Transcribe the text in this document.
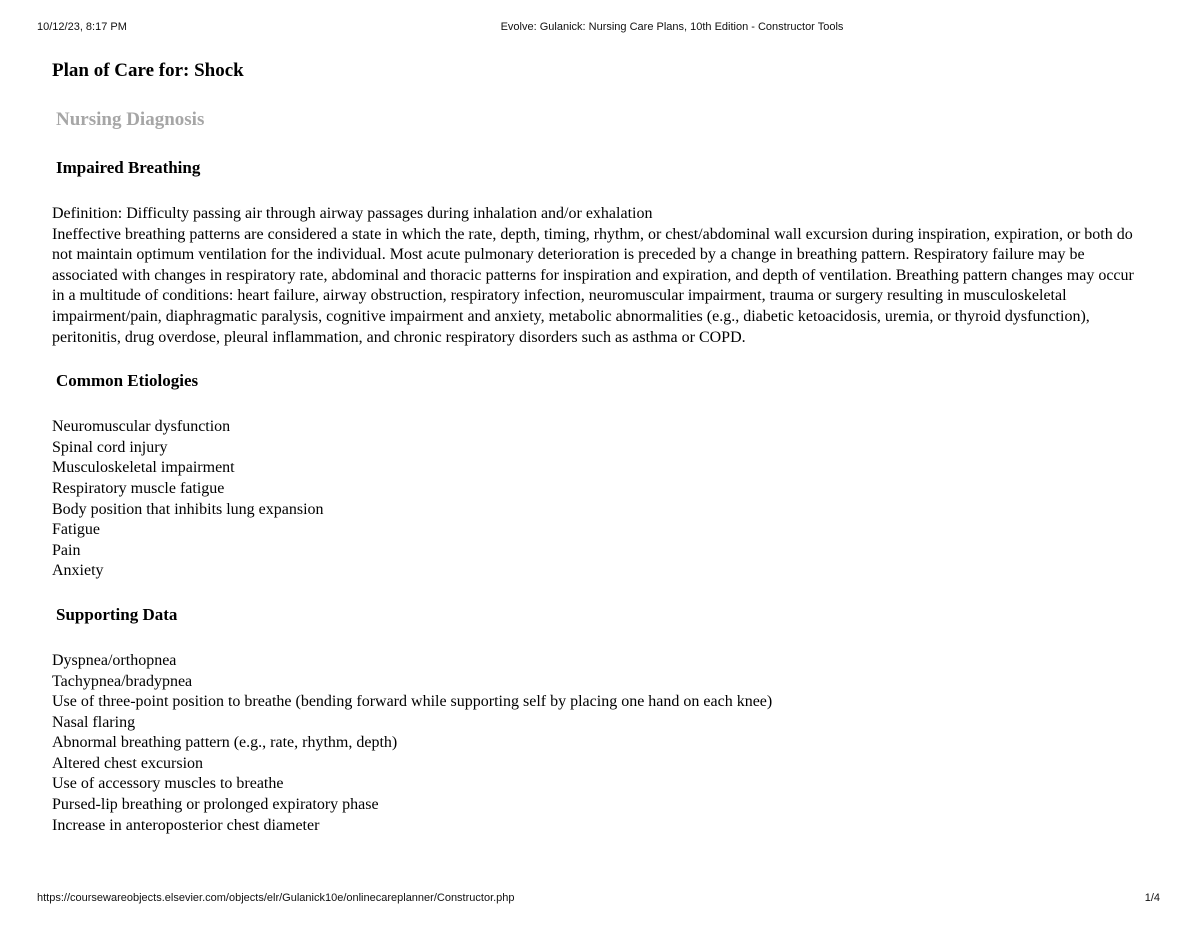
10/12/23, 8:17 PM	Evolve: Gulanick: Nursing Care Plans, 10th Edition - Constructor Tools
Plan of Care for: Shock
Nursing Diagnosis
Impaired Breathing

Definition: Difficulty passing air through airway passages during inhalation and/or exhalation

Ineffective breathing patterns are considered a state in which the rate, depth, timing, rhythm, or chest/abdominal wall excursion during inspiration, expiration, or both do not maintain optimum ventilation for the individual. Most acute pulmonary deterioration is preceded by a change in breathing pattern. Respiratory failure may be associated with changes in respiratory rate, abdominal and thoracic patterns for inspiration and expiration, and depth of ventilation. Breathing pattern changes may occur in a multitude of conditions: heart failure, airway obstruction, respiratory infection, neuromuscular impairment, trauma or surgery resulting in musculoskeletal impairment/pain, diaphragmatic paralysis, cognitive impairment and anxiety, metabolic abnormalities (e.g., diabetic ketoacidosis, uremia, or thyroid dysfunction), peritonitis, drug overdose, pleural inflammation, and chronic respiratory disorders such as asthma or COPD.

Common Etiologies
Neuromuscular dysfunction
Spinal cord injury
Musculoskeletal impairment
Respiratory muscle fatigue
Body position that inhibits lung expansion
Fatigue
Pain
Anxiety
Supporting Data
Dyspnea/orthopnea
Tachypnea/bradypnea
Use of three-point position to breathe (bending forward while supporting self by placing one hand on each knee)
Nasal flaring
Abnormal breathing pattern (e.g., rate, rhythm, depth)
Altered chest excursion
Use of accessory muscles to breathe
Pursed-lip breathing or prolonged expiratory phase
Increase in anteroposterior chest diameter
https://coursewareobjects.elsevier.com/objects/elr/Gulanick10e/onlinecareplanner/Constructor.php	1/4
